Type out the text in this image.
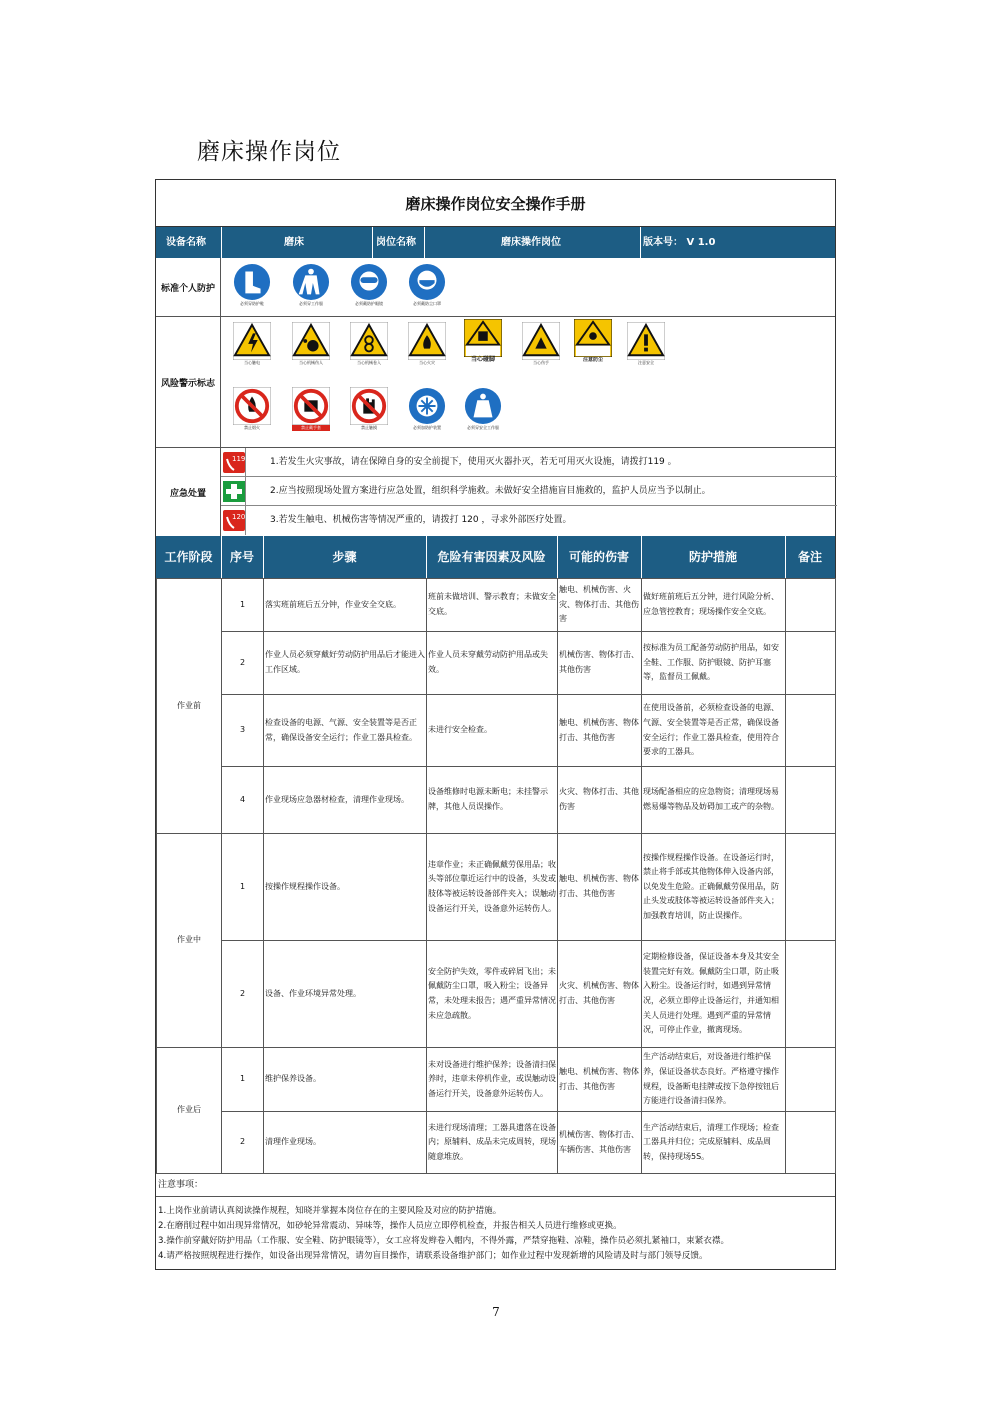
磨床操作岗位
磨床操作岗位安全操作手册
设备名称	磨床	岗位名称	磨床操作岗位	版本号： V 1.0
标准个人防护
必须穿防护鞋	必须穿工作服	必须戴防护眼镜	必须戴防尘口罩
风险警示标志
当心触电	当心机械伤人	当心机械卷入	当心火灾	当心碰脚	当心伤手	注意防尘	注意安全
禁止烟火	禁止戴手套	禁止触摸	必须加防护装置	必须穿安全工作服
应急处置
119	1.若发生火灾事故，请在保障自身的安全前提下，使用灭火器扑灭，若无可用灭火设施，请拨打119 。
2.应当按照现场处置方案进行应急处置，组织科学施救。未做好安全措施盲目施救的，监护人员应当予以制止。
120	3.若发生触电、机械伤害等情况严重的，请拨打 120 ，寻求外部医疗处置。
工作阶段	序号	步骤	危险有害因素及风险	可能的伤害	防护措施	备注
作业前	1	落实班前班后五分钟，作业安全交底。	班前未做培训、警示教育；未做安全交底。	触电、机械伤害、火灾、物体打击、其他伤害	做好班前班后五分钟，进行风险分析、应急管控教育；现场操作安全交底。	
	2	作业人员必须穿戴好劳动防护用品后才能进入工作区域。	作业人员未穿戴劳动防护用品或失效。	机械伤害、物体打击、其他伤害	按标准为员工配备劳动防护用品，如安全鞋、工作服、防护眼镜、防护耳塞等，监督员工佩戴。	
	3	检查设备的电源、气源、安全装置等是否正常，确保设备安全运行；作业工器具检查。	未进行安全检查。	触电、机械伤害、物体打击、其他伤害	在使用设备前，必须检查设备的电源、气源、安全装置等是否正常，确保设备安全运行；作业工器具检查，使用符合要求的工器具。	
	4	作业现场应急器材检查，清理作业现场。	设备维修时电源未断电；未挂警示牌，其他人员误操作。	火灾、物体打击、其他伤害	现场配备相应的应急物资；清理现场易燃易爆等物品及妨碍加工或产的杂物。	
作业中	1	按操作规程操作设备。	违章作业；未正确佩戴劳保用品；收头等部位靠近运行中的设备，头发或肢体等被运转设备部件夹入；误触动设备运行开关，设备意外运转伤人。	触电、机械伤害、物体打击、其他伤害	按操作规程操作设备。在设备运行时，禁止将手部或其他物体伸入设备内部，以免发生危险。正确佩戴劳保用品，防止头发或肢体等被运转设备部件夹入；加强教育培训，防止误操作。	
	2	设备、作业环境异常处理。	安全防护失效，零件或碎屑飞出；未佩戴防尘口罩，吸入粉尘；设备异常，未处理未报告；遇严重异常情况未应急疏散。	火灾、机械伤害、物体打击、其他伤害	定期检修设备，保证设备本身及其安全装置完好有效。佩戴防尘口罩，防止吸入粉尘。设备运行时，如遇到异常情况，必须立即停止设备运行，并通知相关人员进行处理。遇到严重的异常情况，可停止作业，撤离现场。	
作业后	1	维护保养设备。	未对设备进行维护保养；设备清扫保养时，违章未停机作业，或误触动设备运行开关，设备意外运转伤人。	触电、机械伤害、物体打击、其他伤害	生产活动结束后，对设备进行维护保养，保证设备状态良好。严格遵守操作规程，设备断电挂牌或按下急停按钮后方能进行设备清扫保养。	
	2	清理作业现场。	未进行现场清理；工器具遗落在设备内；原辅料、成品未完成周转，现场随意堆放。	机械伤害、物体打击、车辆伤害、其他伤害	生产活动结束后，清理工作现场；检查工器具并归位；完成原辅料、成品周转，保持现场5S。	
注意事项：
1.上岗作业前请认真阅读操作规程，知晓并掌握本岗位存在的主要风险及对应的防护措施。
2.在磨削过程中如出现异常情况，如砂轮异常震动、异味等，操作人员应立即停机检查，并报告相关人员进行维修或更换。
3.操作前穿戴好防护用品（工作服、安全鞋、防护眼镜等），女工应将发辫卷入帽内，不得外露，严禁穿拖鞋、凉鞋，操作员必须扎紧袖口，束紧衣襟。
4.请严格按照规程进行操作，如设备出现异常情况，请勿盲目操作，请联系设备维护部门；如作业过程中发现新增的风险请及时与部门领导反馈。
7
